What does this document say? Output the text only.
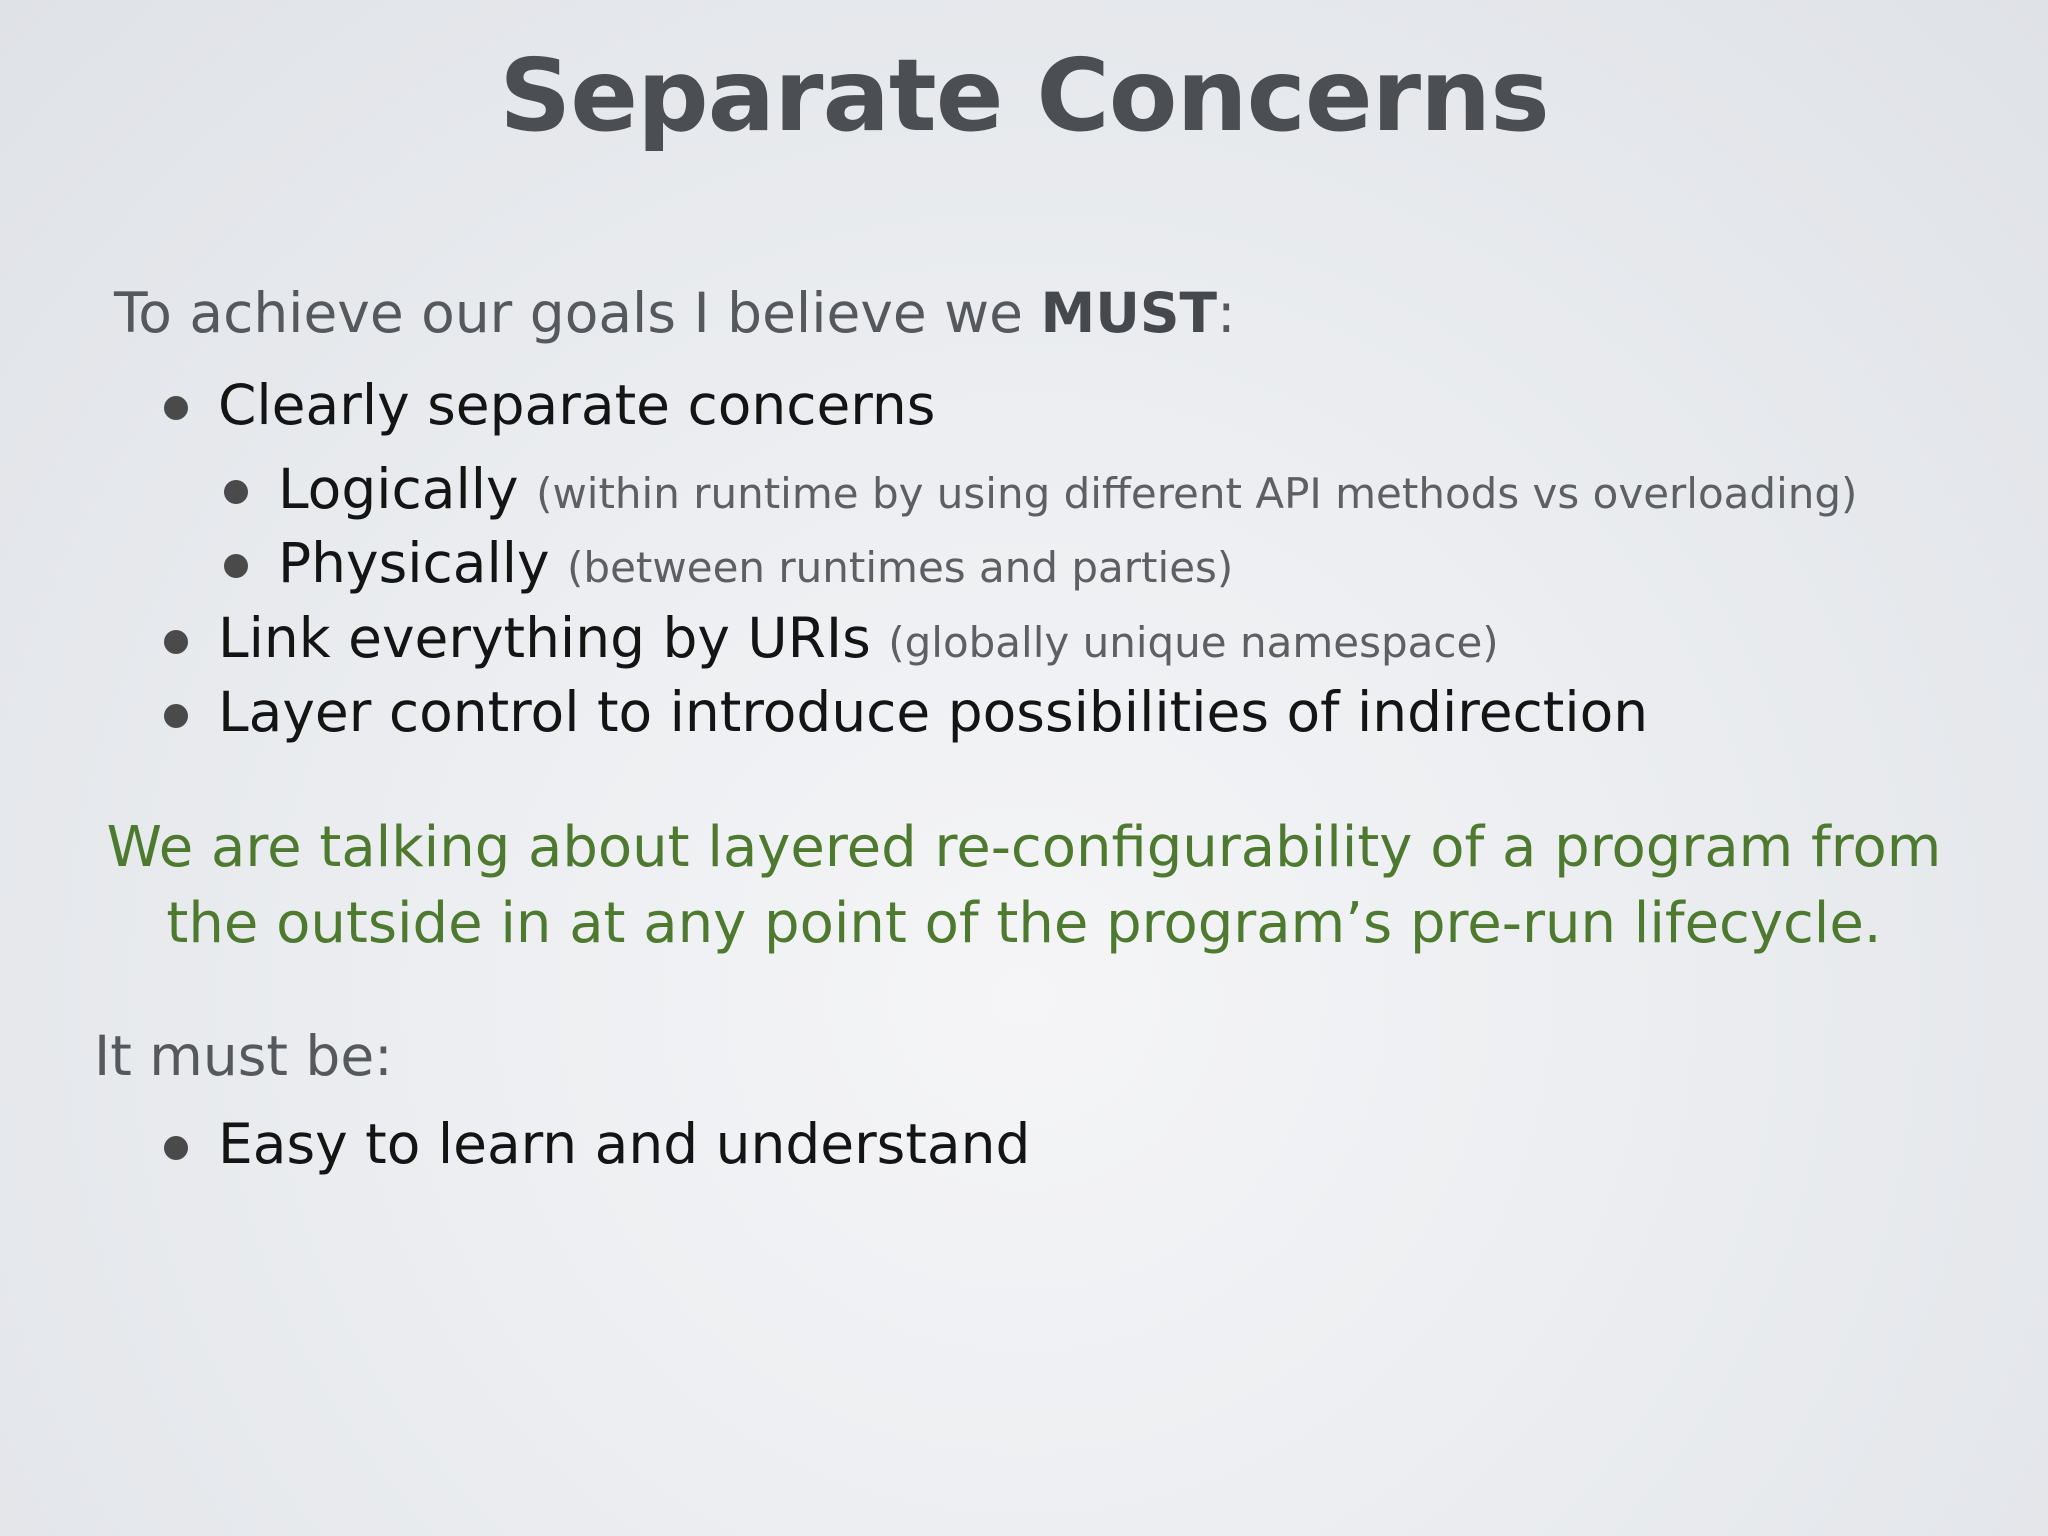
Separate Concerns
To achieve our goals I believe we MUST:
Clearly separate concerns
Logically (within runtime by using different API methods vs overloading)
Physically (between runtimes and parties)
Link everything by URIs (globally unique namespace)
Layer control to introduce possibilities of indirection

We are talking about layered re-configurability of a program from
the outside in at any point of the program’s pre-run lifecycle.

It must be:
Easy to learn and understand
